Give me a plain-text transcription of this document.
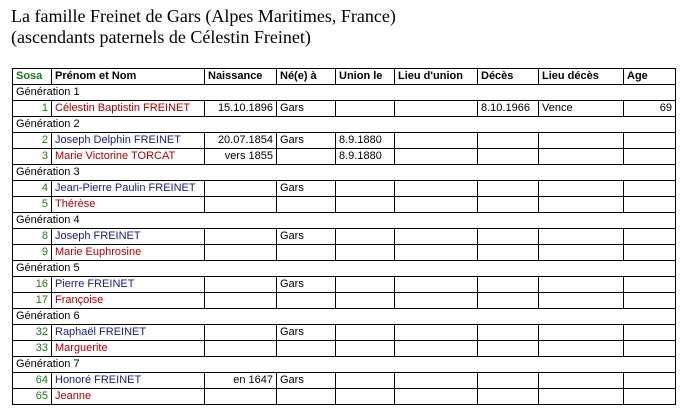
La famille Freinet de Gars (Alpes Maritimes, France)
(ascendants paternels de Célestin Freinet)
Sosa	Prénom et Nom	Naissance	Né(e) à	Union le	Lieu d'union	Décès	Lieu décès	Age
Génération 1								
1	Célestin Baptistin FREINET	15.10.1896	Gars			8.10.1966	Vence	69
Génération 2								
2	Joseph Delphin FREINET	20.07.1854	Gars	8.9.1880				
3	Marie Victorine TORCAT	vers 1855		8.9.1880				
Génération 3								
4	Jean-Pierre Paulin FREINET		Gars					
5	Thérèse							
Génération 4								
8	Joseph FREINET		Gars					
9	Marie Euphrosine							
Génération 5								
16	Pierre FREINET		Gars					
17	Françoise							
Génération 6								
32	Raphaël FREINET		Gars					
33	Marguerite							
Génération 7								
64	Honoré FREINET	en 1647	Gars					
65	Jeanne							
